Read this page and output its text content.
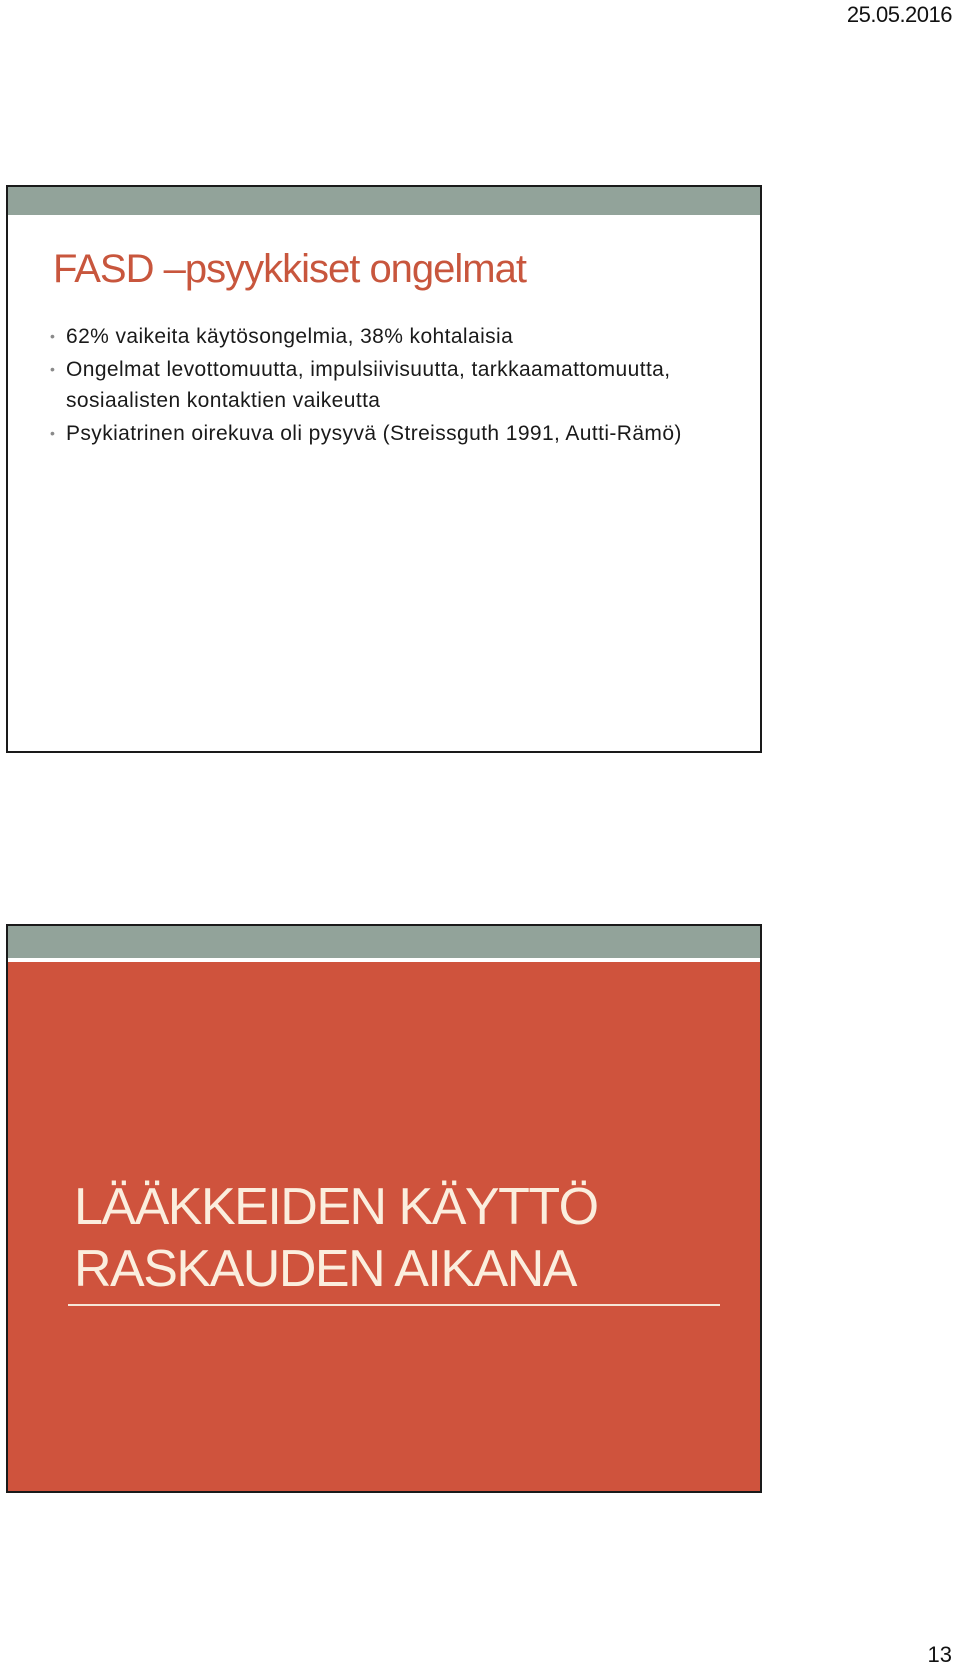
25.05.2016
FASD –psyykkiset ongelmat
• 62% vaikeita käytösongelmia, 38% kohtalaisia
• Ongelmat levottomuutta, impulsiivisuutta, tarkkaamattomuutta, sosiaalisten kontaktien vaikeutta
• Psykiatrinen oirekuva oli pysyvä (Streissguth 1991, Autti-Rämö)
LÄÄKKEIDEN KÄYTTÖ
RASKAUDEN AIKANA
13
